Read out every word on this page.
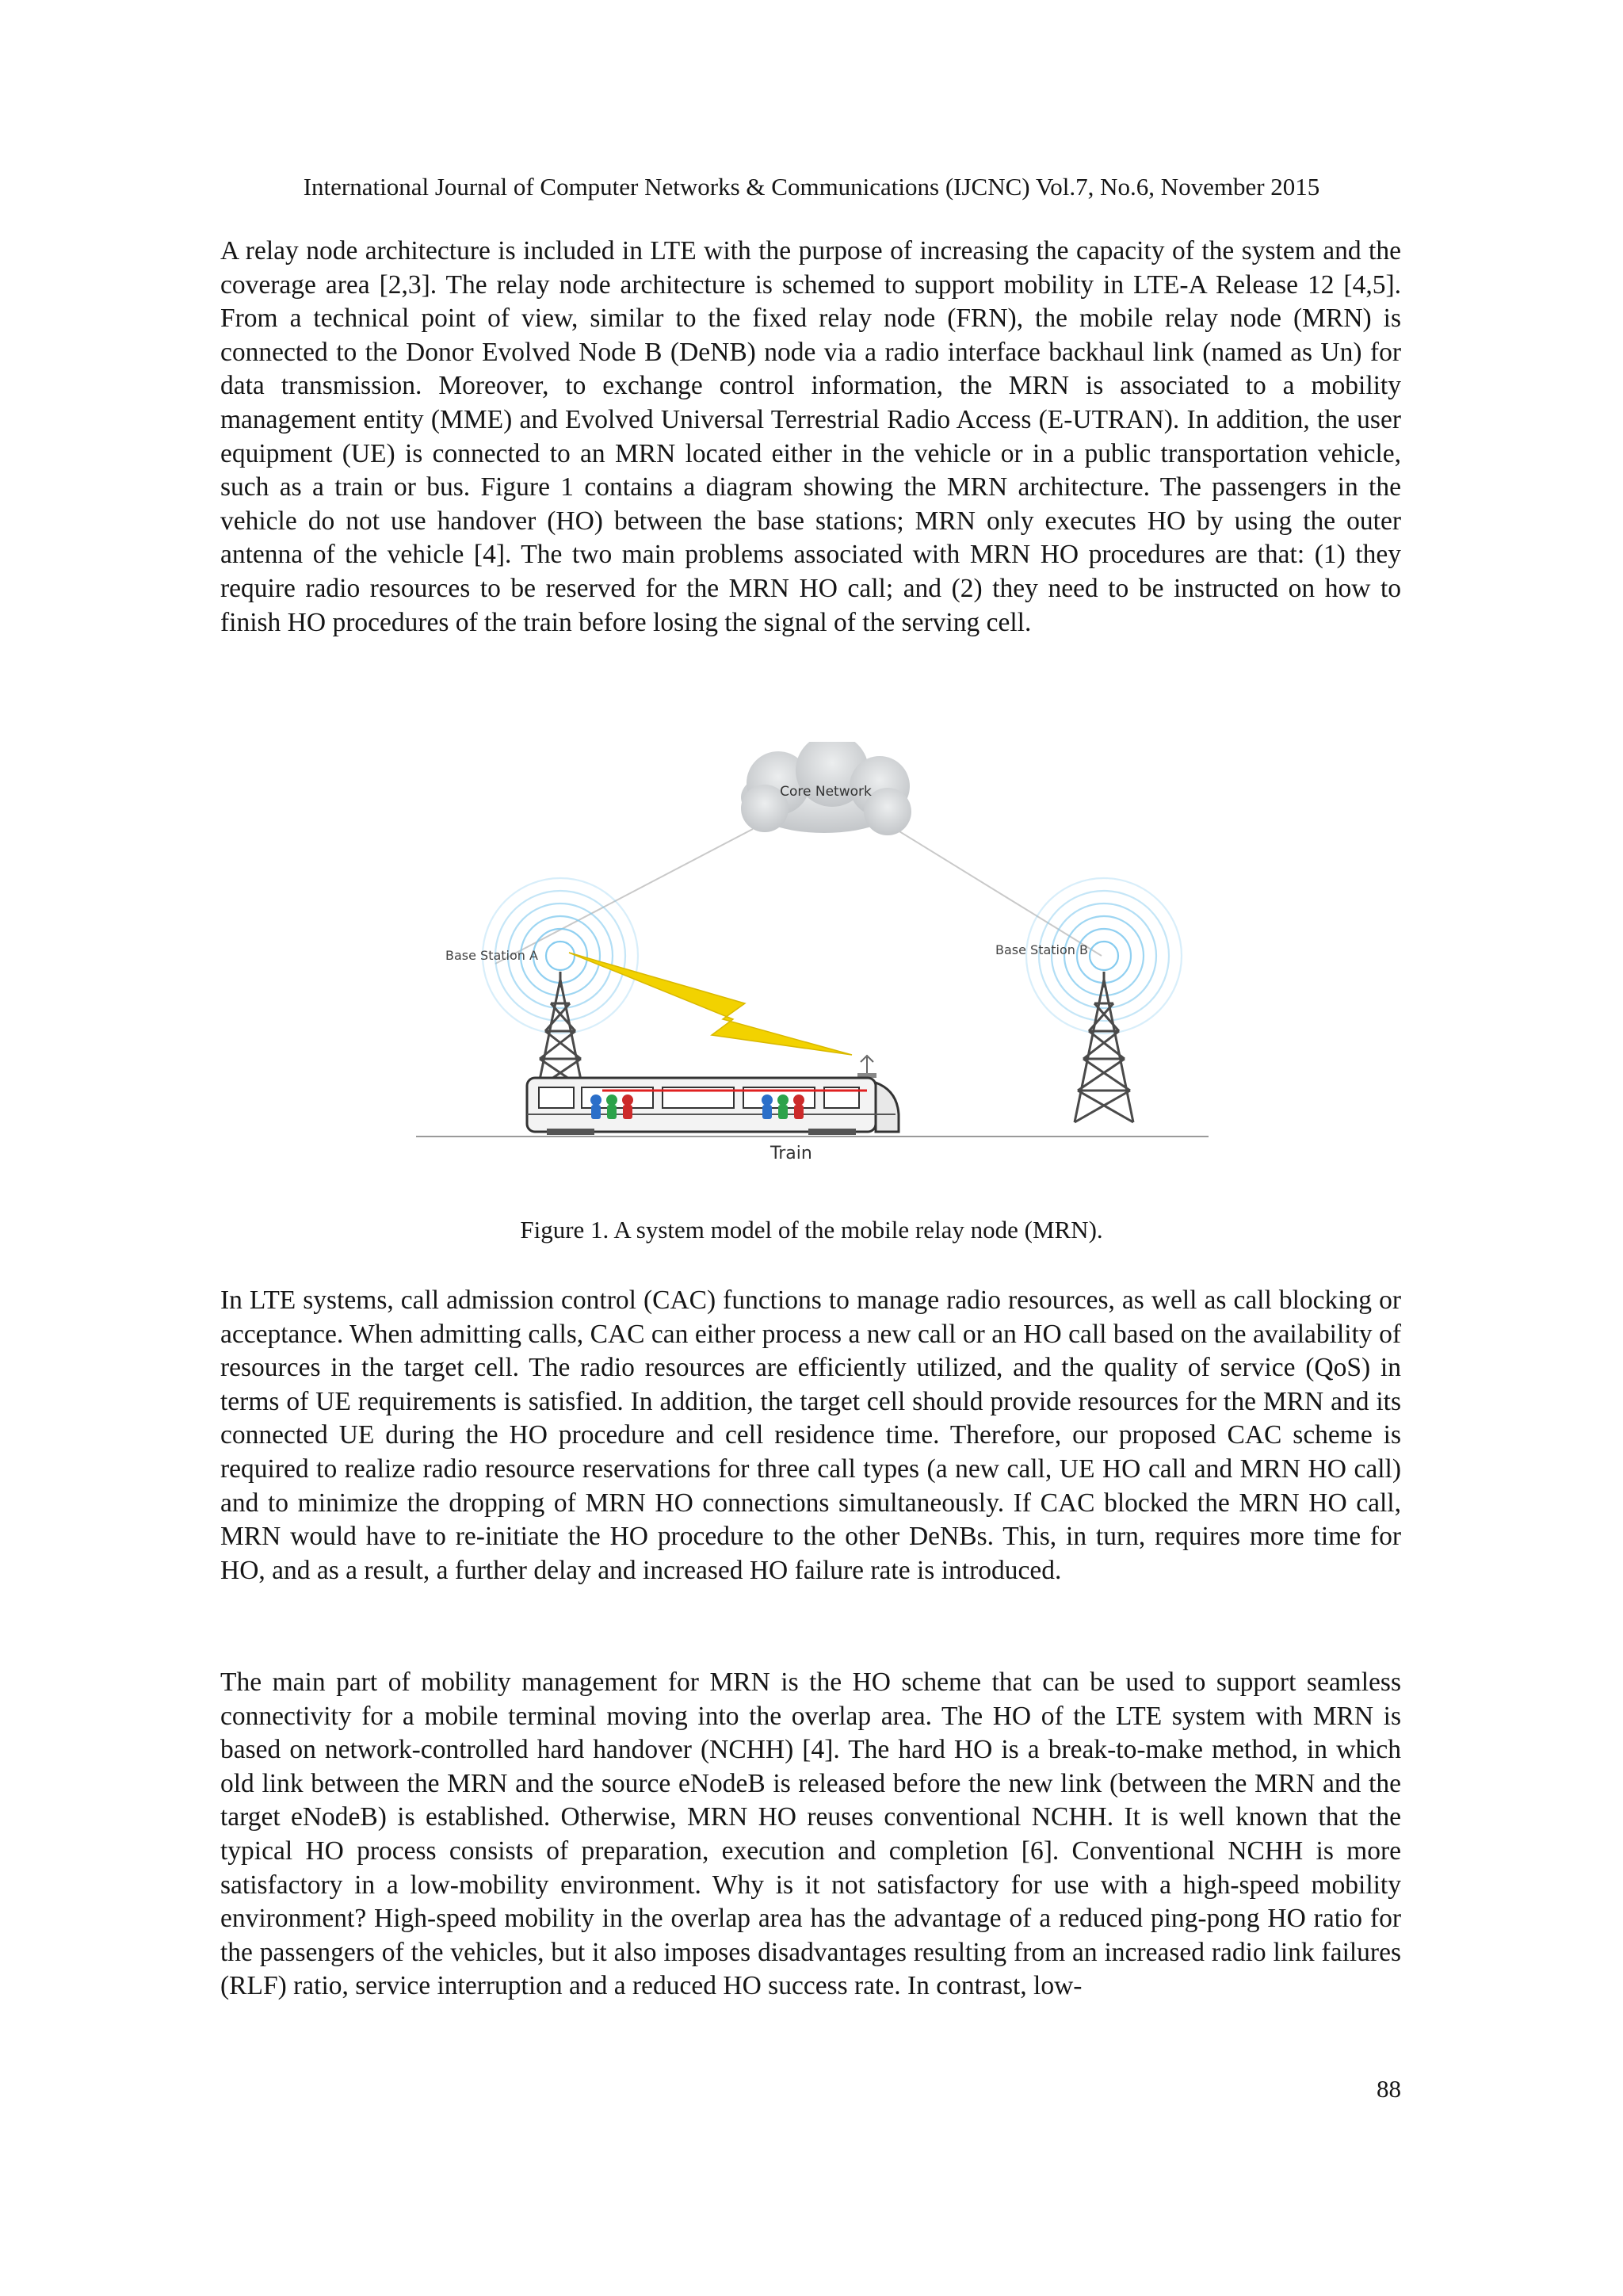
International Journal of Computer Networks & Communications (IJCNC) Vol.7, No.6, November 2015

A relay node architecture is included in LTE with the purpose of increasing the capacity of the system and the coverage area [2,3]. The relay node architecture is schemed to support mobility in LTE-A Release 12 [4,5]. From a technical point of view, similar to the fixed relay node (FRN), the mobile relay node (MRN) is connected to the Donor Evolved Node B (DeNB) node via a radio interface backhaul link (named as Un) for data transmission. Moreover, to exchange control information, the MRN is associated to a mobility management entity (MME) and Evolved Universal Terrestrial Radio Access (E-UTRAN). In addition, the user equipment (UE) is connected to an MRN located either in the vehicle or in a public transportation vehicle, such as a train or bus. Figure 1 contains a diagram showing the MRN architecture. The passengers in the vehicle do not use handover (HO) between the base stations; MRN only executes HO by using the outer antenna of the vehicle [4]. The two main problems associated with MRN HO procedures are that: (1) they require radio resources to be reserved for the MRN HO call; and (2) they need to be instructed on how to finish HO procedures of the train before losing the signal of the serving cell.

Core Network
Base Station A	Base Station B
Train
Figure 1. A system model of the mobile relay node (MRN).

In LTE systems, call admission control (CAC) functions to manage radio resources, as well as call blocking or acceptance. When admitting calls, CAC can either process a new call or an HO call based on the availability of resources in the target cell. The radio resources are efficiently utilized, and the quality of service (QoS) in terms of UE requirements is satisfied. In addition, the target cell should provide resources for the MRN and its connected UE during the HO procedure and cell residence time. Therefore, our proposed CAC scheme is required to realize radio resource reservations for three call types (a new call, UE HO call and MRN HO call) and to minimize the dropping of MRN HO connections simultaneously. If CAC blocked the MRN HO call, MRN would have to re-initiate the HO procedure to the other DeNBs. This, in turn, requires more time for HO, and as a result, a further delay and increased HO failure rate is introduced.

The main part of mobility management for MRN is the HO scheme that can be used to support seamless connectivity for a mobile terminal moving into the overlap area. The HO of the LTE system with MRN is based on network-controlled hard handover (NCHH) [4]. The hard HO is a break-to-make method, in which old link between the MRN and the source eNodeB is released before the new link (between the MRN and the target eNodeB) is established. Otherwise, MRN HO reuses conventional NCHH. It is well known that the typical HO process consists of preparation, execution and completion [6]. Conventional NCHH is more satisfactory in a low-mobility environment. Why is it not satisfactory for use with a high-speed mobility environment? High-speed mobility in the overlap area has the advantage of a reduced ping-pong HO ratio for the passengers of the vehicles, but it also imposes disadvantages resulting from an increased radio link failures (RLF) ratio, service interruption and a reduced HO success rate. In contrast, low-

88
